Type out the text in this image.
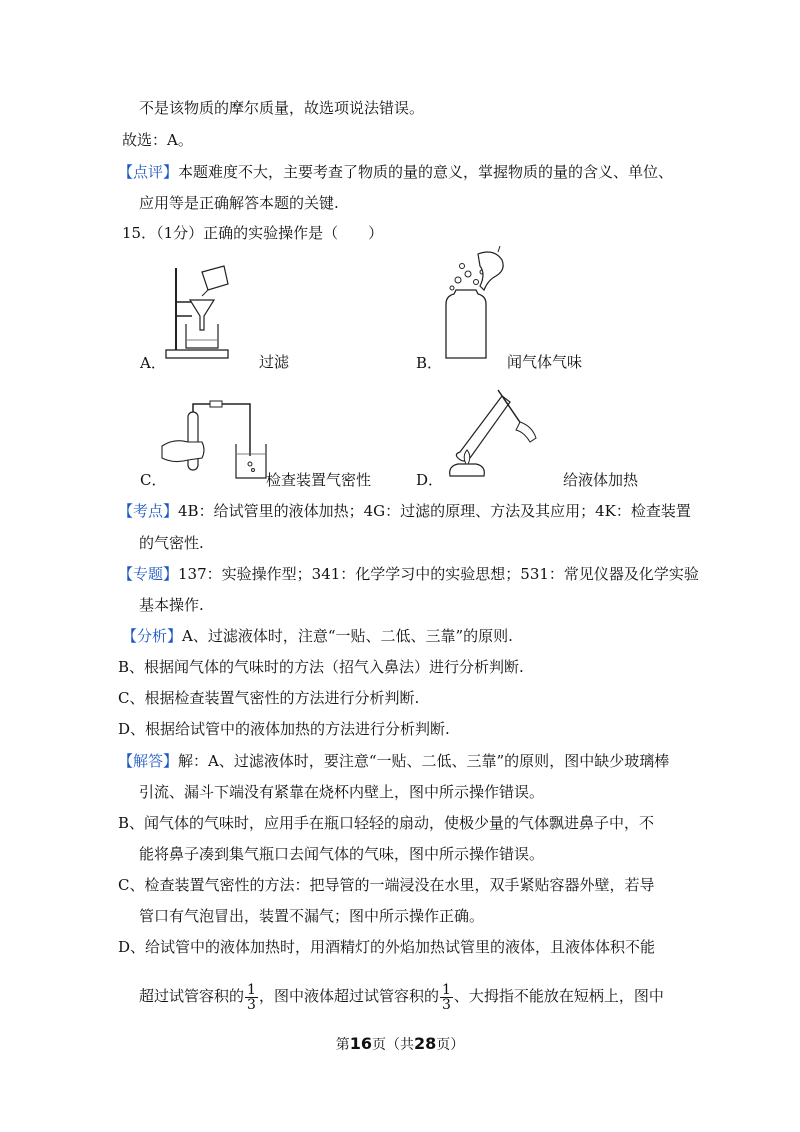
不是该物质的摩尔质量，故选项说法错误。
故选：A。
【点评】本题难度不大，主要考查了物质的量的意义，掌握物质的量的含义、单位、
应用等是正确解答本题的关键.
15．（1分）正确的实验操作是（　　）
A．	过滤	B．	闻气体气味
C．	检查装置气密性	D．	给液体加热
【考点】4B：给试管里的液体加热；4G：过滤的原理、方法及其应用；4K：检查装置
的气密性.
【专题】137：实验操作型；341：化学学习中的实验思想；531：常见仪器及化学实验
基本操作.
【分析】A、过滤液体时，注意“一贴、二低、三靠”的原则.
B、根据闻气体的气味时的方法（招气入鼻法）进行分析判断.
C、根据检查装置气密性的方法进行分析判断.
D、根据给试管中的液体加热的方法进行分析判断.
【解答】解：A、过滤液体时，要注意“一贴、二低、三靠”的原则，图中缺少玻璃棒
引流、漏斗下端没有紧靠在烧杯内壁上，图中所示操作错误。
B、闻气体的气味时，应用手在瓶口轻轻的扇动，使极少量的气体飘进鼻子中，不
能将鼻子凑到集气瓶口去闻气体的气味，图中所示操作错误。
C、检查装置气密性的方法：把导管的一端浸没在水里，双手紧贴容器外壁，若导
管口有气泡冒出，装置不漏气；图中所示操作正确。
D、给试管中的液体加热时，用酒精灯的外焰加热试管里的液体，且液体体积不能
超过试管容积的 $\frac{1}{3}$ ，图中液体超过试管容积的 $\frac{1}{3}$ 、大拇指不能放在短柄上，图中
第16页（共28页）
